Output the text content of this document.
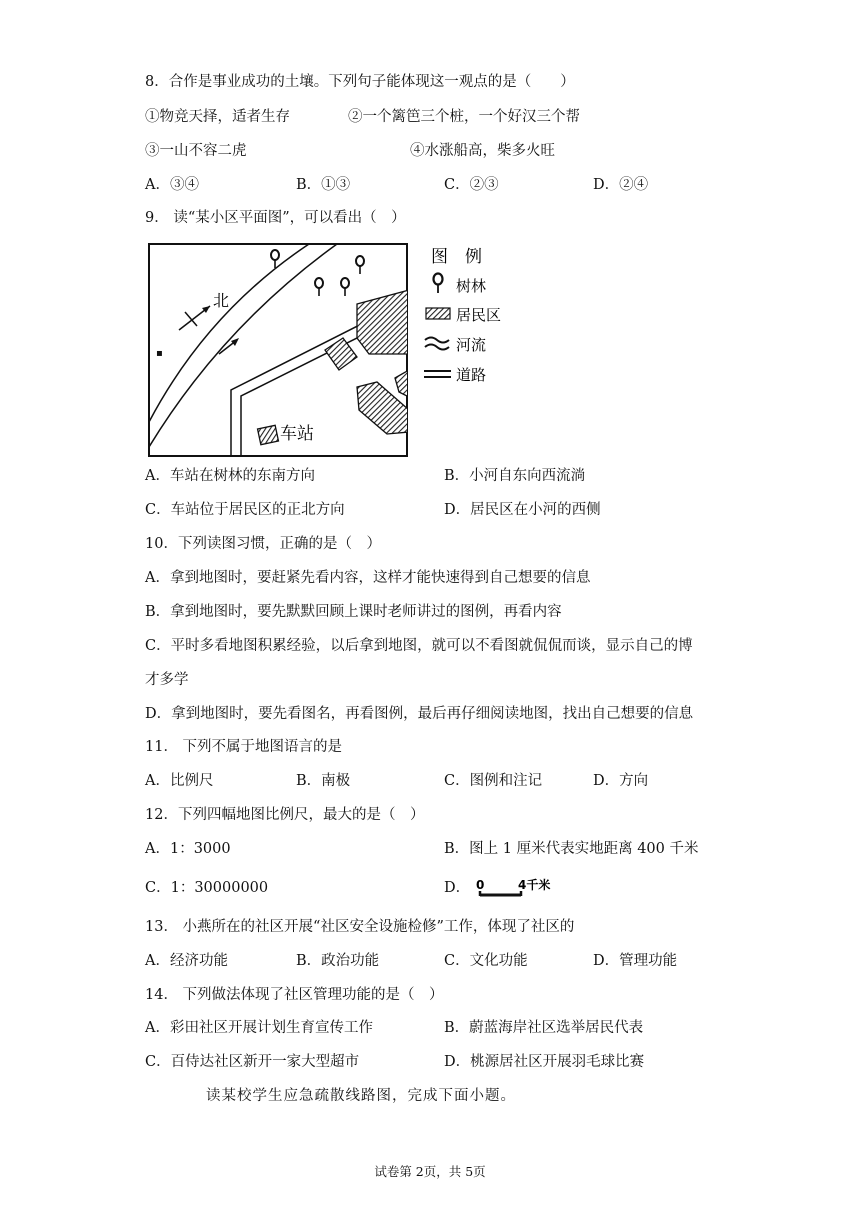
8．合作是事业成功的土壤。下列句子能体现这一观点的是（　　）
①物竞天择，适者生存	②一个篱笆三个桩，一个好汉三个帮
③一山不容二虎	④水涨船高，柴多火旺
A．③④	B．①③	C．②③	D．②④
9． 读“某小区平面图”，可以看出（　）
北
▪
车站
图　例
树林
居民区
河流
道路
A．车站在树林的东南方向	B．小河自东向西流淌
C．车站位于居民区的正北方向	D．居民区在小河的西侧
10．下列读图习惯，正确的是（　）
A．拿到地图时，要赶紧先看内容，这样才能快速得到自己想要的信息
B．拿到地图时，要先默默回顾上课时老师讲过的图例，再看内容
C．平时多看地图积累经验，以后拿到地图，就可以不看图就侃侃而谈，显示自己的博
才多学
D．拿到地图时，要先看图名，再看图例，最后再仔细阅读地图，找出自己想要的信息
11． 下列不属于地图语言的是
A．比例尺	B．南极	C．图例和注记	D．方向
12．下列四幅地图比例尺，最大的是（　）
A．1：3000	B．图上 1 厘米代表实地距离 400 千米
C．1：30000000	D． 0	4千米
13． 小燕所在的社区开展“社区安全设施检修”工作，体现了社区的
A．经济功能	B．政治功能	C．文化功能	D．管理功能
14． 下列做法体现了社区管理功能的是（　）
A．彩田社区开展计划生育宣传工作	B．蔚蓝海岸社区选举居民代表
C．百侍达社区新开一家大型超市	D．桃源居社区开展羽毛球比赛
读某校学生应急疏散线路图，完成下面小题。
试卷第 2页，共 5页
